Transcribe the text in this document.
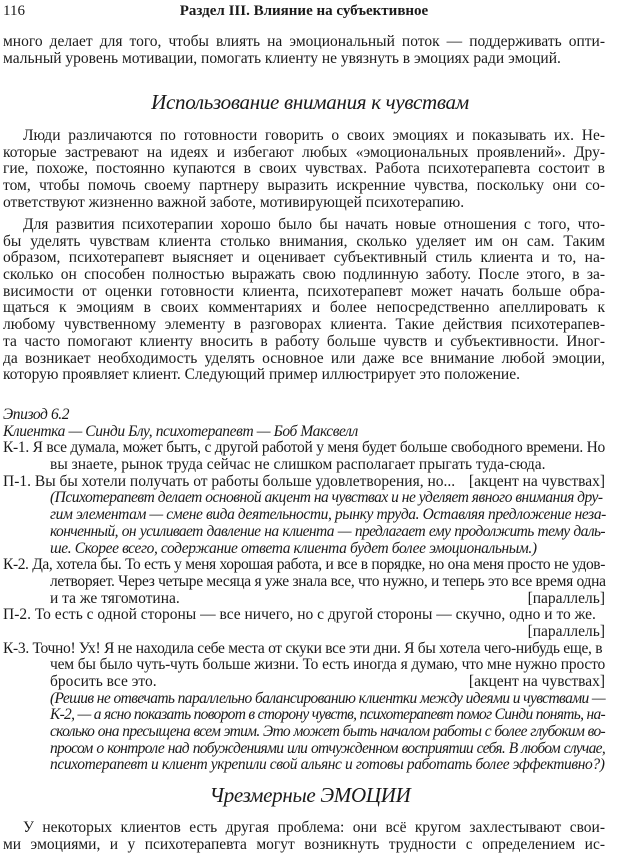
116	Раздел III. Влияние на субъективное
много делает для того, чтобы влиять на эмоциональный поток — поддерживать опти-
мальный уровень мотивации, помогать клиенту не увязнуть в эмоциях ради эмоций.
Использование внимания к чувствам
Люди различаются по готовности говорить о своих эмоциях и показывать их. Не-
которые застревают на идеях и избегают любых «эмоциональных проявлений». Дру-
гие, похоже, постоянно купаются в своих чувствах. Работа психотерапевта состоит в
том, чтобы помочь своему партнеру выразить искренние чувства, поскольку они со-
ответствуют жизненно важной заботе, мотивирующей психотерапию.
Для развития психотерапии хорошо было бы начать новые отношения с того, что-
бы уделять чувствам клиента столько внимания, сколько уделяет им он сам. Таким
образом, психотерапевт выясняет и оценивает субъективный стиль клиента и то, на-
сколько он способен полностью выражать свою подлинную заботу. После этого, в за-
висимости от оценки готовности клиента, психотерапевт может начать больше обра-
щаться к эмоциям в своих комментариях и более непосредственно апеллировать к
любому чувственному элементу в разговорах клиента. Такие действия психотерапев-
та часто помогают клиенту вносить в работу больше чувств и субъективности. Иног-
да возникает необходимость уделять основное или даже все внимание любой эмоции,
которую проявляет клиент. Следующий пример иллюстрирует это положение.
Эпизод 6.2
Клиентка — Синди Блу, психотерапевт — Боб Максвелл
К-1. Я все думала, может быть, с другой работой у меня будет больше свободного времени. Но
вы знаете, рынок труда сейчас не слишком располагает прыгать туда-сюда.
[акцент на чувствах]
П-1. Вы бы хотели получать от работы больше удовлетворения, но...
(Психотерапевт делает основной акцент на чувствах и не уделяет явного внимания дру-
гим элементам — смене вида деятельности, рынку труда. Оставляя предложение неза-
конченный, он усиливает давление на клиента — предлагает ему продолжить тему даль-
ше. Скорее всего, содержание ответа клиента будет более эмоциональным.)
К-2. Да, хотела бы. То есть у меня хорошая работа, и все в порядке, но она меня просто не удов-
летворяет. Через четыре месяца я уже знала все, что нужно, и теперь это все время одна
[параллель]
и та же тягомотина.
П-2. То есть с одной стороны — все ничего, но с другой стороны — скучно, одно и то же.
[параллель]
К-3. Точно! Ух! Я не находила себе места от скуки все эти дни. Я бы хотела чего-нибудь еще, в
чем бы было чуть-чуть больше жизни. То есть иногда я думаю, что мне нужно просто
[акцент на чувствах]
бросить все это.
(Решив не отвечать параллельно балансированию клиентки между идеями и чувствами —
К-2, — а ясно показать поворот в сторону чувств, психотерапевт помог Синди понять, на-
сколько она пресыщена всем этим. Это может быть началом работы с более глубоким во-
просом о контроле над побуждениями или отчужденном восприятии себя. В любом случае,
психотерапевт и клиент укрепили свой альянс и готовы работать более эффективно?)
Чрезмерные ЭМОЦИИ
У некоторых клиентов есть другая проблема: они всё кругом захлестывают свои-
ми эмоциями, и у психотерапевта могут возникнуть трудности с определением ис-
